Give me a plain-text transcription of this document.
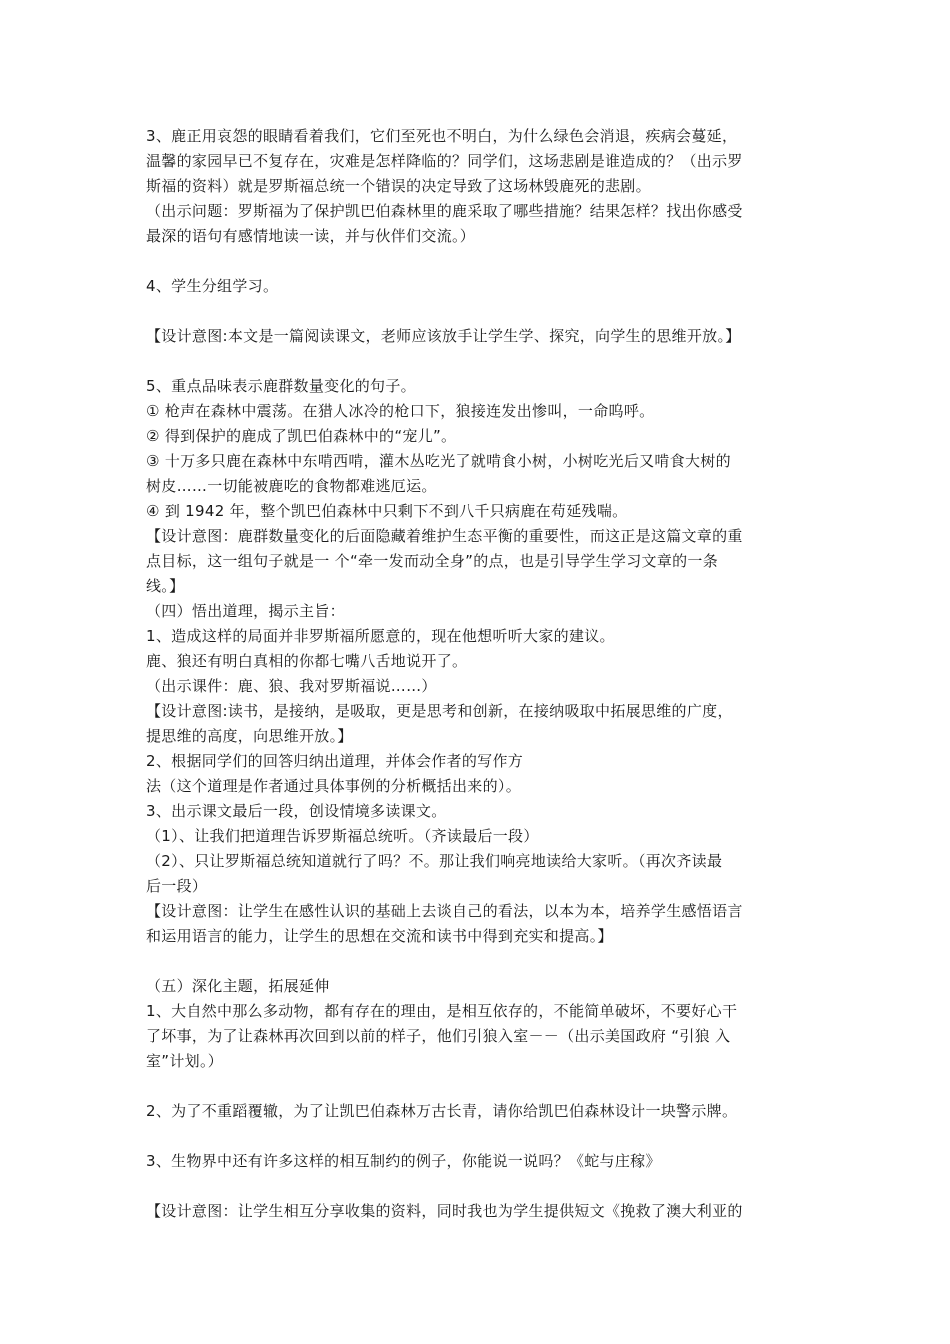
3、鹿正用哀怨的眼睛看着我们，它们至死也不明白，为什么绿色会消退，疾病会蔓延，
温馨的家园早已不复存在，灾难是怎样降临的？同学们，这场悲剧是谁造成的？（出示罗
斯福的资料）就是罗斯福总统一个错误的决定导致了这场林毁鹿死的悲剧。
（出示问题：罗斯福为了保护凯巴伯森林里的鹿采取了哪些措施？结果怎样？找出你感受
最深的语句有感情地读一读，并与伙伴们交流。）
4、学生分组学习。
【设计意图:本文是一篇阅读课文，老师应该放手让学生学、探究，向学生的思维开放。】
5、重点品味表示鹿群数量变化的句子。
① 枪声在森林中震荡。在猎人冰冷的枪口下，狼接连发出惨叫，一命呜呼。
② 得到保护的鹿成了凯巴伯森林中的“宠儿”。
③ 十万多只鹿在森林中东啃西啃，灌木丛吃光了就啃食小树，小树吃光后又啃食大树的
树皮……一切能被鹿吃的食物都难逃厄运。
④ 到 1942 年，整个凯巴伯森林中只剩下不到八千只病鹿在苟延残喘。
【设计意图：鹿群数量变化的后面隐藏着维护生态平衡的重要性，而这正是这篇文章的重
点目标，这一组句子就是一 个“牵一发而动全身”的点，也是引导学生学习文章的一条
线。】
（四）悟出道理，揭示主旨：
1、造成这样的局面并非罗斯福所愿意的，现在他想听听大家的建议。
鹿、狼还有明白真相的你都七嘴八舌地说开了。
（出示课件：鹿、狼、我对罗斯福说……）
【设计意图:读书，是接纳，是吸取，更是思考和创新，在接纳吸取中拓展思维的广度，
提思维的高度，向思维开放。】
2、根据同学们的回答归纳出道理，并体会作者的写作方
法（这个道理是作者通过具体事例的分析概括出来的）。
3、出示课文最后一段，创设情境多读课文。
（1）、让我们把道理告诉罗斯福总统听。（齐读最后一段）
（2）、只让罗斯福总统知道就行了吗？不。那让我们响亮地读给大家听。（再次齐读最
后一段）
【设计意图：让学生在感性认识的基础上去谈自己的看法，以本为本，培养学生感悟语言
和运用语言的能力，让学生的思想在交流和读书中得到充实和提高。】
（五）深化主题，拓展延伸
1、大自然中那么多动物，都有存在的理由，是相互依存的，不能简单破坏，不要好心干
了坏事，为了让森林再次回到以前的样子，他们引狼入室－－（出示美国政府 “引狼 入
室”计划。）
2、为了不重蹈覆辙，为了让凯巴伯森林万古长青，请你给凯巴伯森林设计一块警示牌。
3、生物界中还有许多这样的相互制约的例子，你能说一说吗？《蛇与庄稼》
【设计意图：让学生相互分享收集的资料，同时我也为学生提供短文《挽救了澳大利亚的
